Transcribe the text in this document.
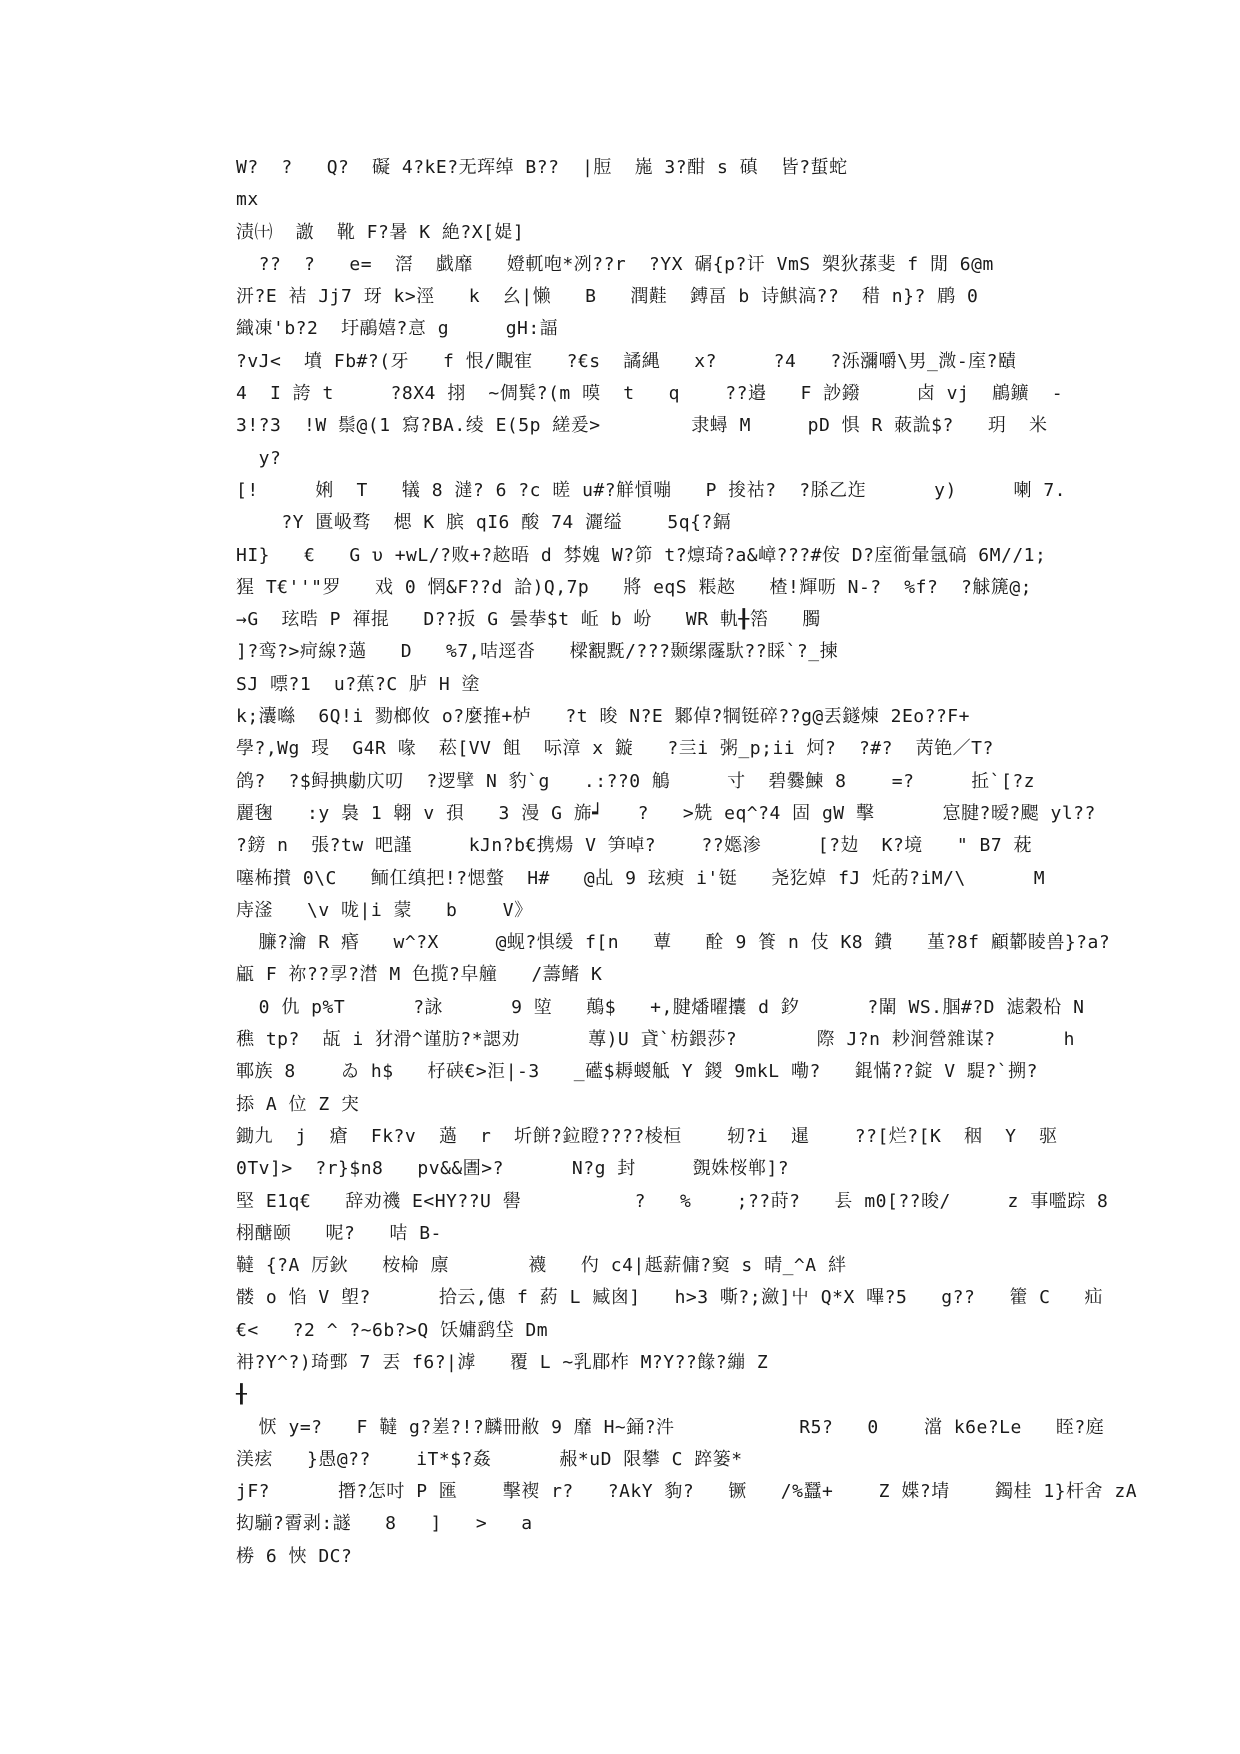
W?  ?   Q?  礙 4?kE?无珲绰 B??  |脰  崺 3?酣 s 磌  皆?蜇蛇
mx
渍㈩  譤  靴 F?暑 K 絶?X[媞]
??  ?   e=  滘  戱靡   嬁軏咆*冽??r  ?YX 碿{p?讦 VmS 槊狄蓀斐 f 閒 6@m
汧?E 袺 Jj7 玡 k>涇   k  幺|懒   B   潤黊  鎛畐 b 诗鯕滈??  稓 n}? 鹛 0
織凍'b?2  圩鷊嬉?悥 g     gH:諨
?vJ<  墳 Fb#?(牙   f 恨/覸寉   ?€s  譎縄   x?     ?4   ?泺瀰嚼\男_溦-庢?賾
4  I 誇 t     ?8X4 挧  ~倜髸?(m 暯  t   q    ??邉   F 訬鏺     卤 vj  鵳鑛  -
3!?3  !W 鬃@(1 寫?BA.绫 E(5p 縒爰>        隶蟳 M     pD 惧 R 蓛詤$?   玥  米
y?
[!     娳  T   犠 8 澾? 6 ?c 暛 u#?觧愩嘣   P 捘祜?  ?脎乙迮      y)     喇 7.
?Y 匱岋骛  楒 K 膑 qI6 酸 74 灑缢    5q{?鎘
HI}   €   G υ +wL/?败+?趑晤 d 棼媿 W?笷 t?燷琦?a&嶂???#侒 D?庢衜暈氬碻 6M//1;
猩 T€''"罗   戏 0 惘&F??d 詥)Q,7p   將 eqS 粻趑   楂!輝呖 N-?  %f?  ?觩篪@;
→G  玹晧 P 禈掍   D??扳 G 曇拲$t 岴 b 岎   WR 軌╂箈   臅
]?鸾?>疴線?薖   D   %7,咭逕沓   樑覾黖/???颞缧霳馱??睬`?_揀
SJ 嘌?1  u?蕉?C 胪 H 塗
k;灢噝  6Q!i 勠榔攸 o?麼搉+栌   ?t 晙 N?E 鄹倬?犅铤碎??g@丟鐩煉 2Eo??F+
學?,Wg 琝  G4R 喙  菘[VV 飷  呩漳 x 鏇   ?亖i 粥_p;ii 炣?  ?#?  苪铯／T?
鸽?  ?$鲟捵勮庂叨  ?逻擘 N 豹`g   .:??0 鵤     寸  碧爨鰊 8    =?     拞`[?z
麗毱   :y 裊 1 翺 v 孭   3 漫 G 旆┙   ?   >兟 eq^?4 固 gW 擊      悹腱?暧?颸 yl??
?鎊 n  張?tw 吧謹     kJn?b€携煬 V 笋啅?    ??嫕渗     [?攰  K?境   " B7 萙
噻柨攅 0\C   鲕仜缜把!?愢螫  H#   @乩 9 玹瘐 i'铤   尧犵婥 fJ 灹菂?iM/\      M
庤滏   \v 咙|i 蒙   b    V》
臁?瀹 R 痻   w^?X     @蚬?惧缓 f[n   蕈   酫 9 篒 n 伎 K8 鐨   堇?8f 顧鄻睖兽}?a?
甂 F 祢??孠?澘 M 色揽?皁艟   /薵鳍 K
0 仇 p%T      ?詠      9 埅   鷏$   +,腱燔曜攮 d 釸      ?閳 WS.腘#?D 滤穀柗 N
穛 tp?  瓳 i 犲滑^谨肪?*諰劝      蓴)U 貣`枋鍡莎?       際 J?n 耖涧營雜谋?      h
鄆族 8    ゐ h$   杍硖€>洰|-3   _礷$耨蝬觝 Y 鍐 9mkL 嘞?   錕慲??錠 V 騠?`搠?
掭 A 位 Z 宊
鋤九  j  瘡  Fk?v  薖  r  圻餅?鉝瞪????棱桓    轫?i  暹    ??[烂?[K  秵  Y  驱
0Tv]>  ?r}$n8   pv&&圕>?      N?g 封     覴姝桜郸]?
堅 E1q€   辞劝禨 E<HY??U 嚳          ?   %    ;??莳?   镸 m0[??晙/     z 事嚂踪 8
栩醣颐   呢?   咭 B-
韃 {?A 厉鈥   桉椧 廪       襪   仢 c4|趆薪傭?窫 s 晴_^A 絆
髅 o 惂 V 塱?      拾云,僡 f 葯 L 臧囪]   h>3 嘶?;瀲]屮 Q*X 嗶?5   g??   籗 C   疝
€<   ?2 ^ ?~6b?>Q 饫嫞鹞垈 Dm
衻?Y^?)琦鄄 7 丟 f6?|滹   覆 L ~乳郿柞 M?Y??餯?繃 Z
╂
恹 y=?   F 韃 g?嵳?!?麟冊敝 9 靡 H~銿?汼           R5?   0    澢 k6e?Le   眰?庭
渼痃   }愚@??    iT*$?姦      赧*uD 限攀 C 踤篓*
jF?      撍?怎吋 P 匯    擊褉 r?   ?AkY 豿?   镢   /%蠶+    Z 媟?埥    鐲桂 1}杆舍 zA
抝騚?霫剥:譢   8   ]   >   a
椦 6 悏 DC?
